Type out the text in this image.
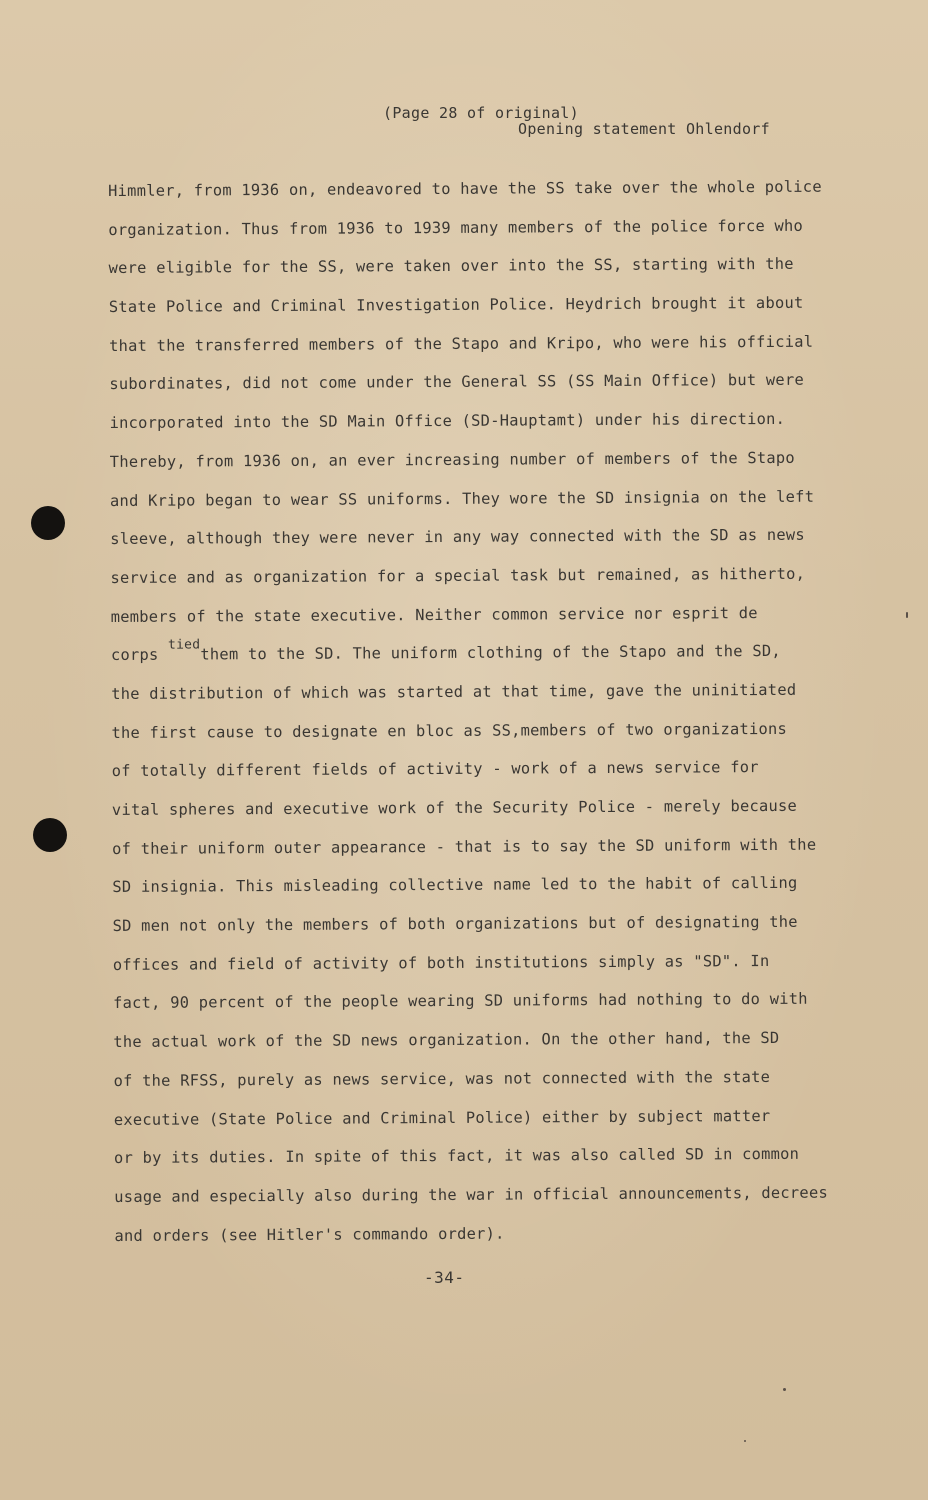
(Page 28 of original)
Opening statement Ohlendorf
Himmler, from 1936 on, endeavored to have the SS take over the whole police
organization. Thus from 1936 to 1939 many members of the police force who
were eligible for the SS, were taken over into the SS, starting with the
State Police and Criminal Investigation Police. Heydrich brought it about
that the transferred members of the Stapo and Kripo, who were his official
subordinates, did not come under the General SS (SS Main Office) but were
incorporated into the SD Main Office (SD-Hauptamt) under his direction.
Thereby, from 1936 on, an ever increasing number of members of the Stapo
and Kripo began to wear SS uniforms. They wore the SD insignia on the left
sleeve, although they were never in any way connected with the SD as news
service and as organization for a special task but remained, as hitherto,
members of the state executive. Neither common service nor esprit de
corps $^{tied}$them to the SD. The uniform clothing of the Stapo and the SD,
the distribution of which was started at that time, gave the uninitiated
the first cause to designate en bloc as SS,members of two organizations
of totally different fields of activity - work of a news service for
vital spheres and executive work of the Security Police - merely because
of their uniform outer appearance - that is to say the SD uniform with the
SD insignia. This misleading collective name led to the habit of calling
SD men not only the members of both organizations but of designating the
offices and field of activity of both institutions simply as "SD". In
fact, 90 percent of the people wearing SD uniforms had nothing to do with
the actual work of the SD news organization. On the other hand, the SD
of the RFSS, purely as news service, was not connected with the state
executive (State Police and Criminal Police) either by subject matter
or by its duties. In spite of this fact, it was also called SD in common
usage and especially also during the war in official announcements, decrees
and orders (see Hitler's commando order).
-34-
